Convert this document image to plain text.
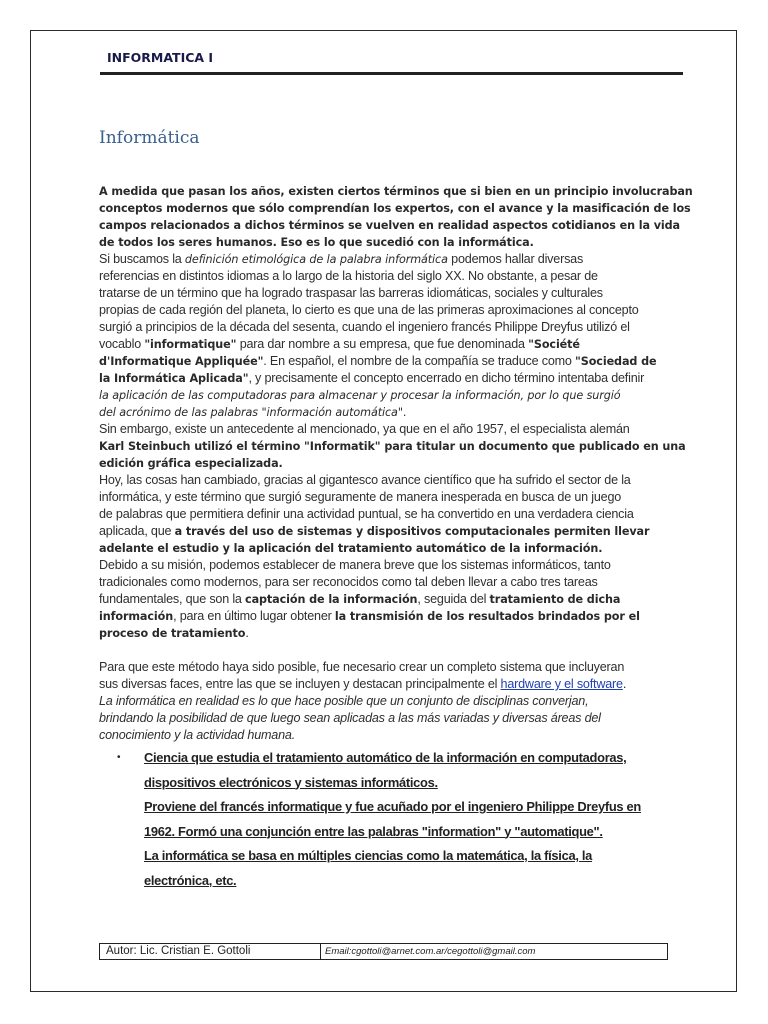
INFORMATICA I
Informática
A medida que pasan los años, existen ciertos términos que si bien en un principio involucraban
conceptos modernos que sólo comprendían los expertos, con el avance y la masificación de los
campos relacionados a dichos términos se vuelven en realidad aspectos cotidianos en la vida
de todos los seres humanos. Eso es lo que sucedió con la informática.
Si buscamos la definición etimológica de la palabra informática podemos hallar diversas
referencias en distintos idiomas a lo largo de la historia del siglo XX. No obstante, a pesar de
tratarse de un término que ha logrado traspasar las barreras idiomáticas, sociales y culturales
propias de cada región del planeta, lo cierto es que una de las primeras aproximaciones al concepto
surgió a principios de la década del sesenta, cuando el ingeniero francés Philippe Dreyfus utilizó el
vocablo "informatique" para dar nombre a su empresa, que fue denominada "Société
d'Informatique Appliquée". En español, el nombre de la compañía se traduce como "Sociedad de
la Informática Aplicada", y precisamente el concepto encerrado en dicho término intentaba definir
la aplicación de las computadoras para almacenar y procesar la información, por lo que surgió
del acrónimo de las palabras "información automática".
Sin embargo, existe un antecedente al mencionado, ya que en el año 1957, el especialista alemán
Karl Steinbuch utilizó el término "Informatik" para titular un documento que publicado en una
edición gráfica especializada.
Hoy, las cosas han cambiado, gracias al gigantesco avance científico que ha sufrido el sector de la
informática, y este término que surgió seguramente de manera inesperada en busca de un juego
de palabras que permitiera definir una actividad puntual, se ha convertido en una verdadera ciencia
aplicada, que a través del uso de sistemas y dispositivos computacionales permiten llevar
adelante el estudio y la aplicación del tratamiento automático de la información.
Debido a su misión, podemos establecer de manera breve que los sistemas informáticos, tanto
tradicionales como modernos, para ser reconocidos como tal deben llevar a cabo tres tareas
fundamentales, que son la captación de la información, seguida del tratamiento de dicha
información, para en último lugar obtener la transmisión de los resultados brindados por el
proceso de tratamiento.
Para que este método haya sido posible, fue necesario crear un completo sistema que incluyeran
sus diversas faces, entre las que se incluyen y destacan principalmente el hardware y el software.
La informática en realidad es lo que hace posible que un conjunto de disciplinas converjan,
brindando la posibilidad de que luego sean aplicadas a las más variadas y diversas áreas del
conocimiento y la actividad humana.
• Ciencia que estudia el tratamiento automático de la información en computadoras,
dispositivos electrónicos y sistemas informáticos.
Proviene del francés informatique y fue acuñado por el ingeniero Philippe Dreyfus en
1962. Formó una conjunción entre las palabras "information" y "automatique".
La informática se basa en múltiples ciencias como la matemática, la física, la
electrónica, etc.
Autor: Lic. Cristian E. Gottoli	Email:cgottoli@arnet.com.ar/cegottoli@gmail.com
